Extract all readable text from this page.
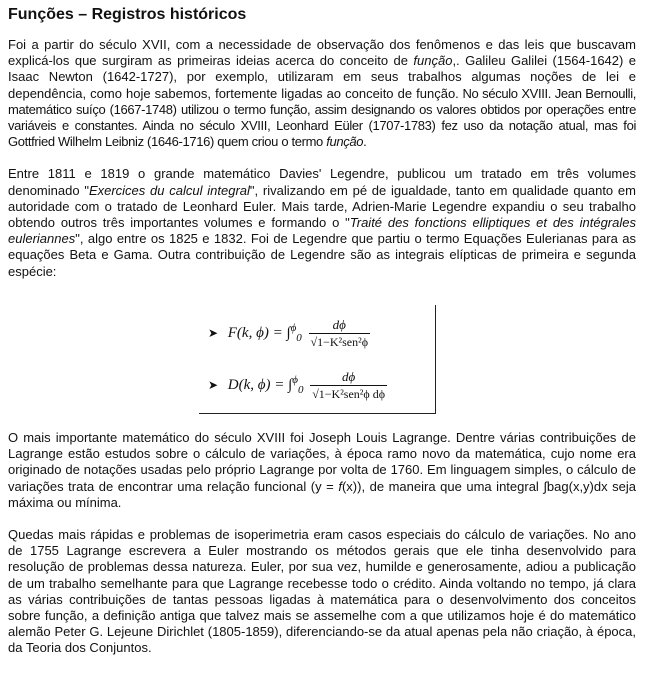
Funções – Registros históricos

Foi a partir do século XVII, com a necessidade de observação dos fenômenos e das leis que buscavam explicá-los que surgiram as primeiras ideias acerca do conceito de função,. Galileu Galilei (1564-1642) e Isaac Newton (1642-1727), por exemplo, utilizaram em seus trabalhos algumas noções de lei e dependência, como hoje sabemos, fortemente ligadas ao conceito de função. No século XVIII. Jean Bernoulli, matemático suíço (1667-1748) utilizou o termo função, assim designando os valores obtidos por operações entre variáveis e constantes. Ainda no século XVIII, Leonhard Eüler (1707-1783) fez uso da notação atual, mas foi Gottfried Wilhelm Leibniz (1646-1716) quem criou o termo função.

Entre 1811 e 1819 o grande matemático Davies' Legendre, publicou um tratado em três volumes denominado "Exercices du calcul integral", rivalizando em pé de igualdade, tanto em qualidade quanto em autoridade com o tratado de Leonhard Euler. Mais tarde, Adrien-Marie Legendre expandiu o seu trabalho obtendo outros três importantes volumes e formando o "Traité des fonctions elliptiques et des intégrales euleriannes", algo entre os 1825 e 1832. Foi de Legendre que partiu o termo Equações Eulerianas para as equações Beta e Gama. Outra contribuição de Legendre são as integrais elípticas de primeira e segunda espécie:

➤ F(k, $\phi) = \int^\phi_0 \frac{d\phi}{\text{√1−K²sen²ϕ}}$
➤ D(k, $\phi) = \int^\phi_0 \frac{d\phi}{\text{√1−K²sen²ϕ dϕ}}$

O mais importante matemático do século XVIII foi Joseph Louis Lagrange. Dentre várias contribuições de Lagrange estão estudos sobre o cálculo de variações, à época ramo novo da matemática, cujo nome era originado de notações usadas pelo próprio Lagrange por volta de 1760. Em linguagem simples, o cálculo de variações trata de encontrar uma relação funcional (y = f(x)), de maneira que uma integral ∫bag(x,y)dx seja máxima ou mínima.

Quedas mais rápidas e problemas de isoperimetria eram casos especiais do cálculo de variações. No ano de 1755 Lagrange escrevera a Euler mostrando os métodos gerais que ele tinha desenvolvido para resolução de problemas dessa natureza. Euler, por sua vez, humilde e generosamente, adiou a publicação de um trabalho semelhante para que Lagrange recebesse todo o crédito. Ainda voltando no tempo, já clara as várias contribuições de tantas pessoas ligadas à matemática para o desenvolvimento dos conceitos sobre função, a definição antiga que talvez mais se assemelhe com a que utilizamos hoje é do matemático alemão Peter G. Lejeune Dirichlet (1805-1859), diferenciando-se da atual apenas pela não criação, à época, da Teoria dos Conjuntos.
